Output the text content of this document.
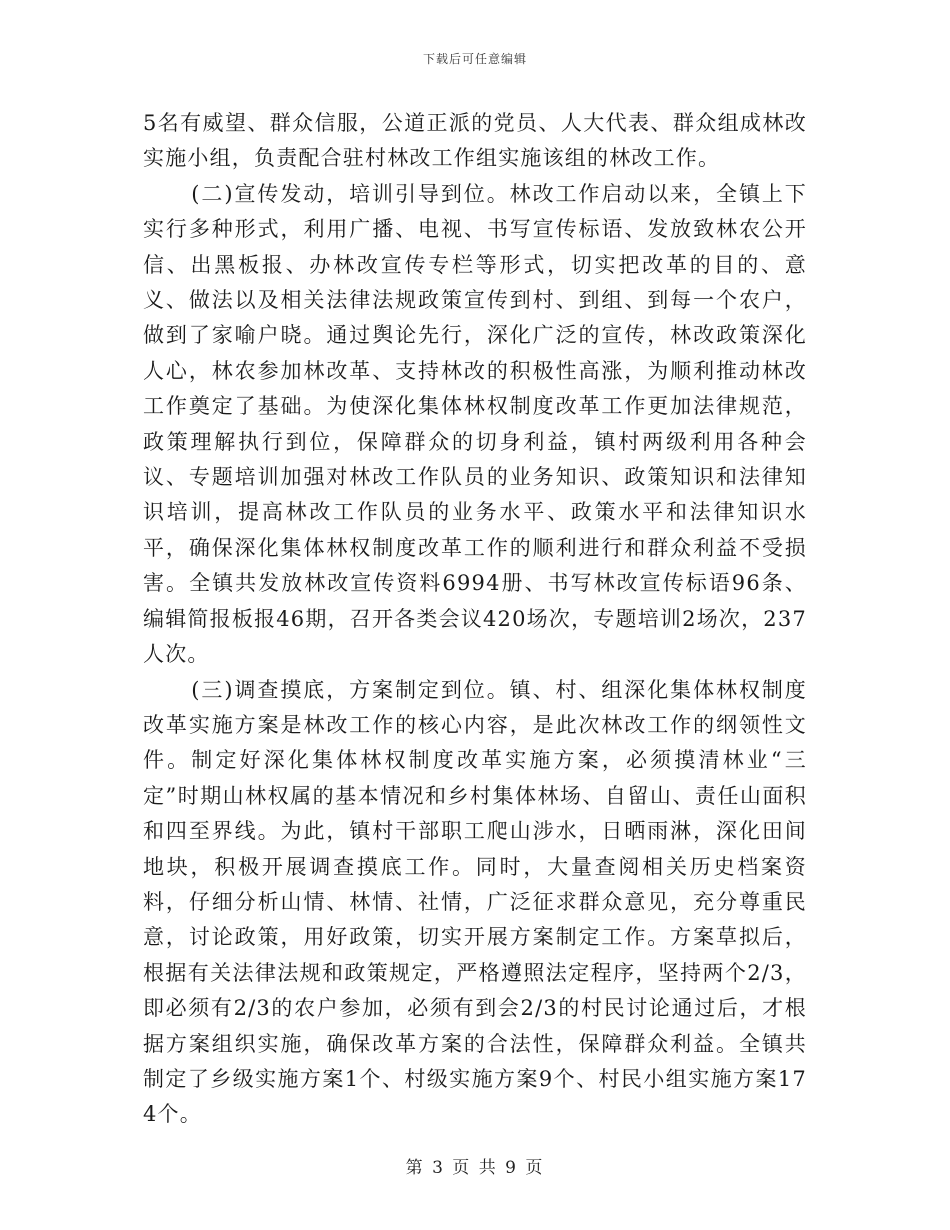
下载后可任意编辑

5名有威望、群众信服，公道正派的党员、人大代表、群众组成林改实施小组，负责配合驻村林改工作组实施该组的林改工作。

(二)宣传发动，培训引导到位。林改工作启动以来，全镇上下实行多种形式，利用广播、电视、书写宣传标语、发放致林农公开信、出黑板报、办林改宣传专栏等形式，切实把改革的目的、意义、做法以及相关法律法规政策宣传到村、到组、到每一个农户，做到了家喻户晓。通过舆论先行，深化广泛的宣传，林改政策深化人心，林农参加林改革、支持林改的积极性高涨，为顺利推动林改工作奠定了基础。为使深化集体林权制度改革工作更加法律规范，政策理解执行到位，保障群众的切身利益，镇村两级利用各种会议、专题培训加强对林改工作队员的业务知识、政策知识和法律知识培训，提高林改工作队员的业务水平、政策水平和法律知识水平，确保深化集体林权制度改革工作的顺利进行和群众利益不受损害。全镇共发放林改宣传资料6994册、书写林改宣传标语96条、编辑简报板报46期，召开各类会议420场次，专题培训2场次，237人次。

(三)调查摸底，方案制定到位。镇、村、组深化集体林权制度改革实施方案是林改工作的核心内容，是此次林改工作的纲领性文件。制定好深化集体林权制度改革实施方案，必须摸清林业“三定”时期山林权属的基本情况和乡村集体林场、自留山、责任山面积和四至界线。为此，镇村干部职工爬山涉水，日晒雨淋，深化田间地块，积极开展调查摸底工作。同时，大量查阅相关历史档案资料，仔细分析山情、林情、社情，广泛征求群众意见，充分尊重民意，讨论政策，用好政策，切实开展方案制定工作。方案草拟后，根据有关法律法规和政策规定，严格遵照法定程序，坚持两个2/3，即必须有2/3的农户参加，必须有到会2/3的村民讨论通过后，才根据方案组织实施，确保改革方案的合法性，保障群众利益。全镇共制定了乡级实施方案1个、村级实施方案9个、村民小组实施方案174个。

第 3 页 共 9 页
